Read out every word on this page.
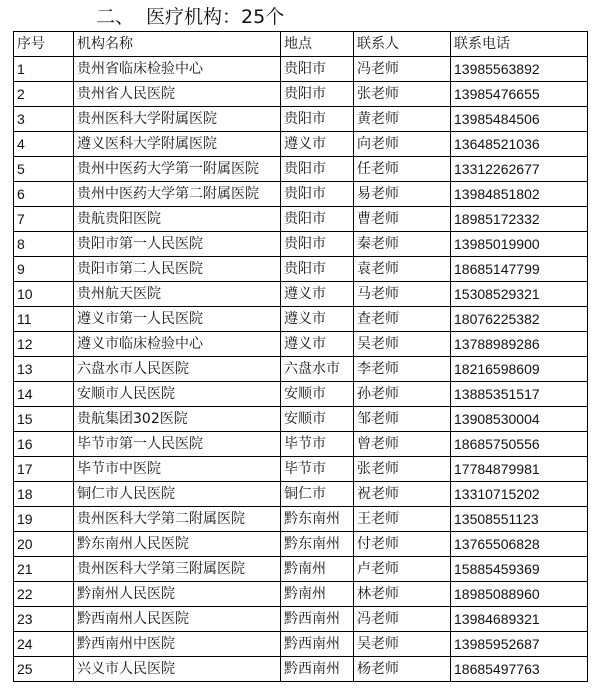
二、 医疗机构：25个
序号	机构名称	地点	联系人	联系电话
1	贵州省临床检验中心	贵阳市	冯老师	13985563892
2	贵州省人民医院	贵阳市	张老师	13985476655
3	贵州医科大学附属医院	贵阳市	黄老师	13985484506
4	遵义医科大学附属医院	遵义市	向老师	13648521036
5	贵州中医药大学第一附属医院	贵阳市	任老师	13312262677
6	贵州中医药大学第二附属医院	贵阳市	易老师	13984851802
7	贵航贵阳医院	贵阳市	曹老师	18985172332
8	贵阳市第一人民医院	贵阳市	秦老师	13985019900
9	贵阳市第二人民医院	贵阳市	袁老师	18685147799
10	贵州航天医院	遵义市	马老师	15308529321
11	遵义市第一人民医院	遵义市	查老师	18076225382
12	遵义市临床检验中心	遵义市	吴老师	13788989286
13	六盘水市人民医院	六盘水市	李老师	18216598609
14	安顺市人民医院	安顺市	孙老师	13885351517
15	贵航集团302医院	安顺市	邹老师	13908530004
16	毕节市第一人民医院	毕节市	曾老师	18685750556
17	毕节市中医院	毕节市	张老师	17784879981
18	铜仁市人民医院	铜仁市	祝老师	13310715202
19	贵州医科大学第二附属医院	黔东南州	王老师	13508551123
20	黔东南州人民医院	黔东南州	付老师	13765506828
21	贵州医科大学第三附属医院	黔南州	卢老师	15885459369
22	黔南州人民医院	黔南州	林老师	18985088960
23	黔西南州人民医院	黔西南州	冯老师	13984689321
24	黔西南州中医院	黔西南州	吴老师	13985952687
25	兴义市人民医院	黔西南州	杨老师	18685497763
